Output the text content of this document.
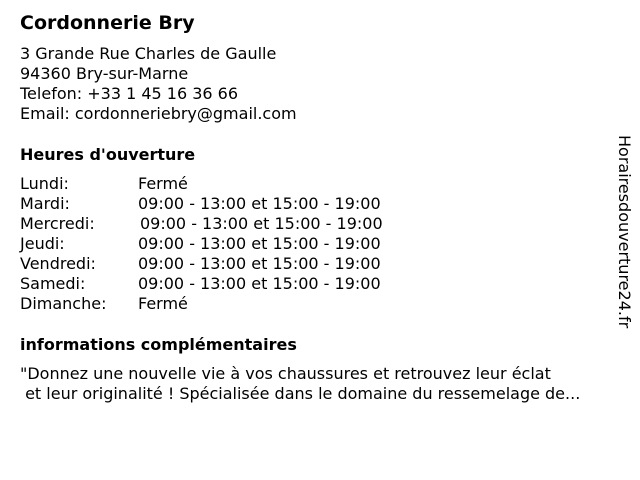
Cordonnerie Bry
3 Grande Rue Charles de Gaulle
94360 Bry-sur-Marne
Telefon: +33 1 45 16 36 66
Email: cordonneriebry@gmail.com
Heures d'ouverture
Lundi:	Fermé
Mardi:	09:00 - 13:00 et 15:00 - 19:00
Mercredi:	09:00 - 13:00 et 15:00 - 19:00
Jeudi:	09:00 - 13:00 et 15:00 - 19:00
Vendredi:	09:00 - 13:00 et 15:00 - 19:00
Samedi:	09:00 - 13:00 et 15:00 - 19:00
Dimanche:	Fermé
informations complémentaires
"Donnez une nouvelle vie à vos chaussures et retrouvez leur éclat
et leur originalité ! Spécialisée dans le domaine du ressemelage de...
Horairesdouverture24.fr
